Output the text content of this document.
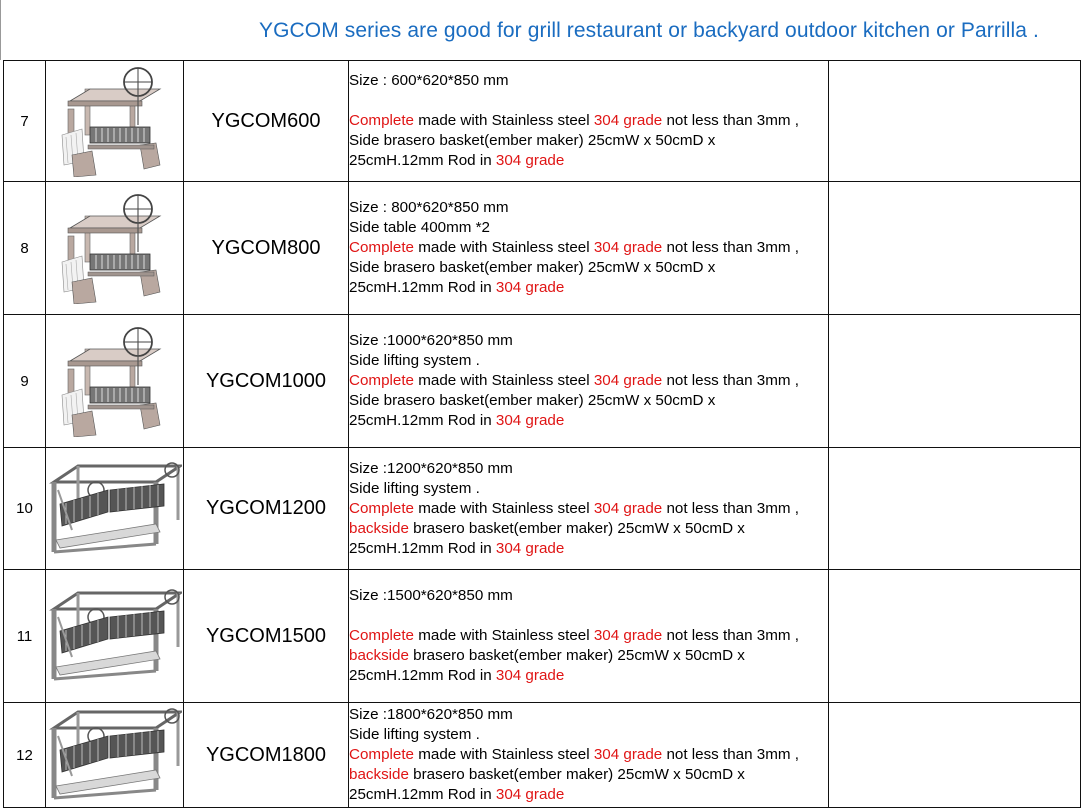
YGCOM series are good for grill restaurant or backyard outdoor kitchen or Parrilla .
7		YGCOM600	Size : 600*620*850 mm
Complete made with Stainless steel 304 grade not less than 3mm ,
Side brasero basket(ember maker) 25cmW x 50cmD x
25cmH.12mm Rod in 304 grade	

8		YGCOM800	Size : 800*620*850 mm
Side table 400mm *2
Complete made with Stainless steel 304 grade not less than 3mm ,
Side brasero basket(ember maker) 25cmW x 50cmD x
25cmH.12mm Rod in 304 grade	

9		YGCOM1000	Size :1000*620*850 mm
Side lifting system .
Complete made with Stainless steel 304 grade not less than 3mm ,
Side brasero basket(ember maker) 25cmW x 50cmD x
25cmH.12mm Rod in 304 grade	

10		YGCOM1200	Size :1200*620*850 mm
Side lifting system .
Complete made with Stainless steel 304 grade not less than 3mm ,
backside brasero basket(ember maker) 25cmW x 50cmD x
25cmH.12mm Rod in 304 grade	

11		YGCOM1500	Size :1500*620*850 mm
Complete made with Stainless steel 304 grade not less than 3mm ,
backside brasero basket(ember maker) 25cmW x 50cmD x
25cmH.12mm Rod in 304 grade	

12		YGCOM1800	Size :1800*620*850 mm
Side lifting system .
Complete made with Stainless steel 304 grade not less than 3mm ,
backside brasero basket(ember maker) 25cmW x 50cmD x
25cmH.12mm Rod in 304 grade	
